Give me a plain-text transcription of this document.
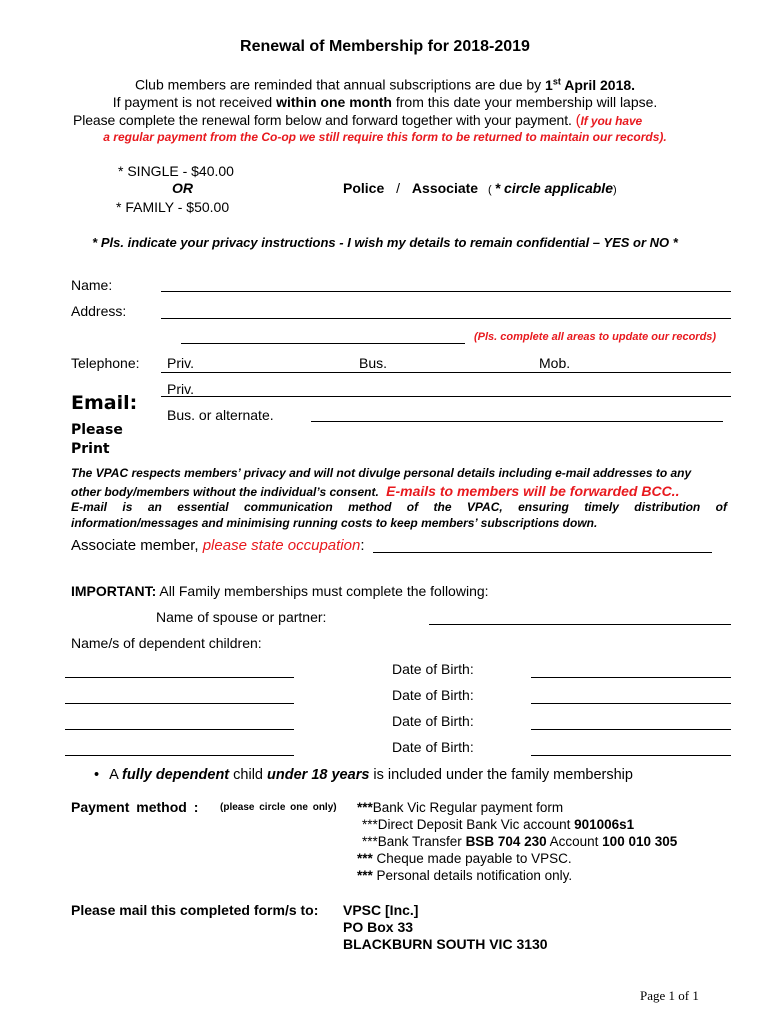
Renewal of Membership for 2018-2019
Club members are reminded that annual subscriptions are due by 1st April 2018.
If payment is not received within one month from this date your membership will lapse.
Please complete the renewal form below and forward together with your payment. (If you have
a regular payment from the Co-op we still require this form to be returned to maintain our records).
* SINGLE - $40.00
OR
* FAMILY - $50.00
Police / Associate ( * circle applicable)
* Pls. indicate your privacy instructions - I wish my details to remain confidential – YES or NO *
Name:
Address:
(Pls. complete all areas to update our records)
Telephone: Priv.	Bus.	Mob.
Email:
Please
Print
Priv.
Bus. or alternate.
The VPAC respects members’ privacy and will not divulge personal details including e-mail addresses to any
other body/members without the individual’s consent. E-mails to members will be forwarded BCC..
E-mail is an essential communication method of the VPAC, ensuring timely distribution of
information/messages and minimising running costs to keep members’ subscriptions down.
Associate member, please state occupation:
IMPORTANT: All Family memberships must complete the following:
Name of spouse or partner:
Name/s of dependent children:
Date of Birth:
Date of Birth:
Date of Birth:
Date of Birth:
• A fully dependent child under 18 years is included under the family membership
Payment method : (please circle one only) ***Bank Vic Regular payment form
***Direct Deposit Bank Vic account 901006s1
***Bank Transfer BSB 704 230 Account 100 010 305
*** Cheque made payable to VPSC.
*** Personal details notification only.
Please mail this completed form/s to: VPSC [Inc.]
PO Box 33
BLACKBURN SOUTH VIC 3130
Page 1 of 1
